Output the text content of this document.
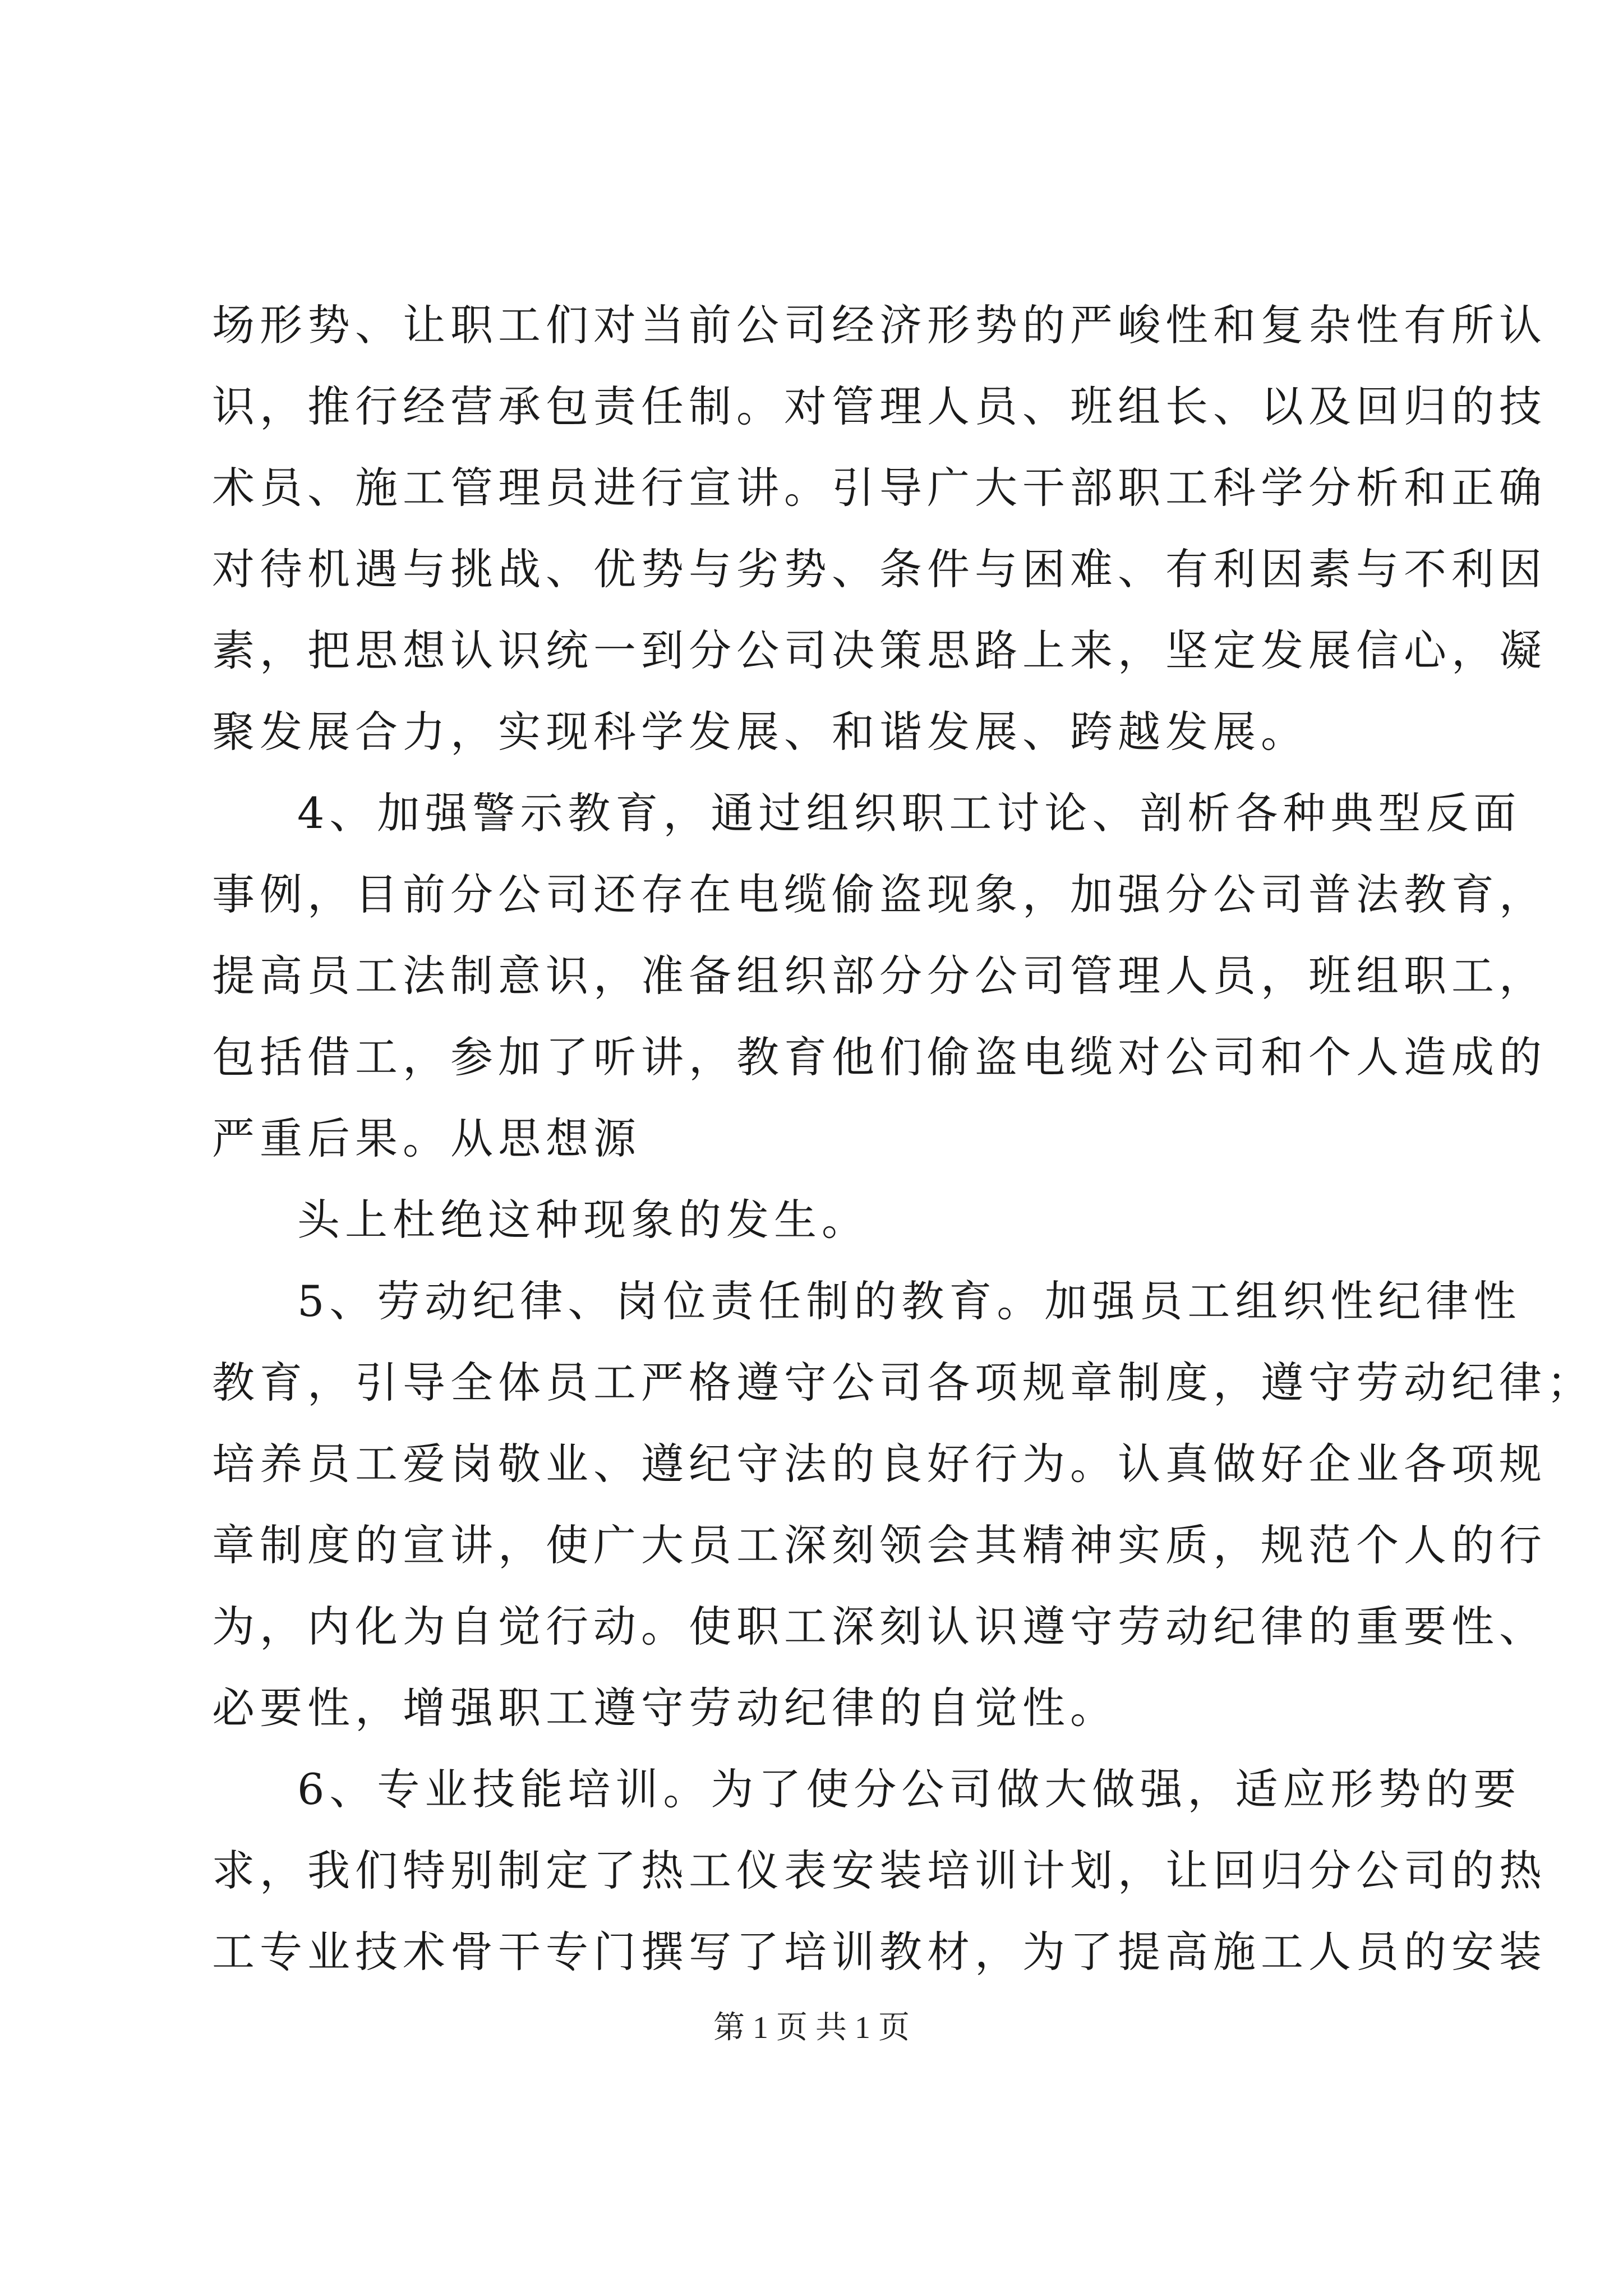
场形势、让职工们对当前公司经济形势的严峻性和复杂性有所认
识，推行经营承包责任制。对管理人员、班组长、以及回归的技
术员、施工管理员进行宣讲。引导广大干部职工科学分析和正确
对待机遇与挑战、优势与劣势、条件与困难、有利因素与不利因
素，把思想认识统一到分公司决策思路上来，坚定发展信心，凝
聚发展合力，实现科学发展、和谐发展、跨越发展。
4、加强警示教育，通过组织职工讨论、剖析各种典型反面
事例，目前分公司还存在电缆偷盗现象，加强分公司普法教育，
提高员工法制意识，准备组织部分分公司管理人员，班组职工，
包括借工，参加了听讲，教育他们偷盗电缆对公司和个人造成的
严重后果。从思想源
头上杜绝这种现象的发生。
5、劳动纪律、岗位责任制的教育。加强员工组织性纪律性
教育，引导全体员工严格遵守公司各项规章制度，遵守劳动纪律；
培养员工爱岗敬业、遵纪守法的良好行为。认真做好企业各项规
章制度的宣讲，使广大员工深刻领会其精神实质，规范个人的行
为，内化为自觉行动。使职工深刻认识遵守劳动纪律的重要性、
必要性，增强职工遵守劳动纪律的自觉性。
6、专业技能培训。为了使分公司做大做强，适应形势的要
求，我们特别制定了热工仪表安装培训计划，让回归分公司的热
工专业技术骨干专门撰写了培训教材，为了提高施工人员的安装
第 1 页 共 1 页
